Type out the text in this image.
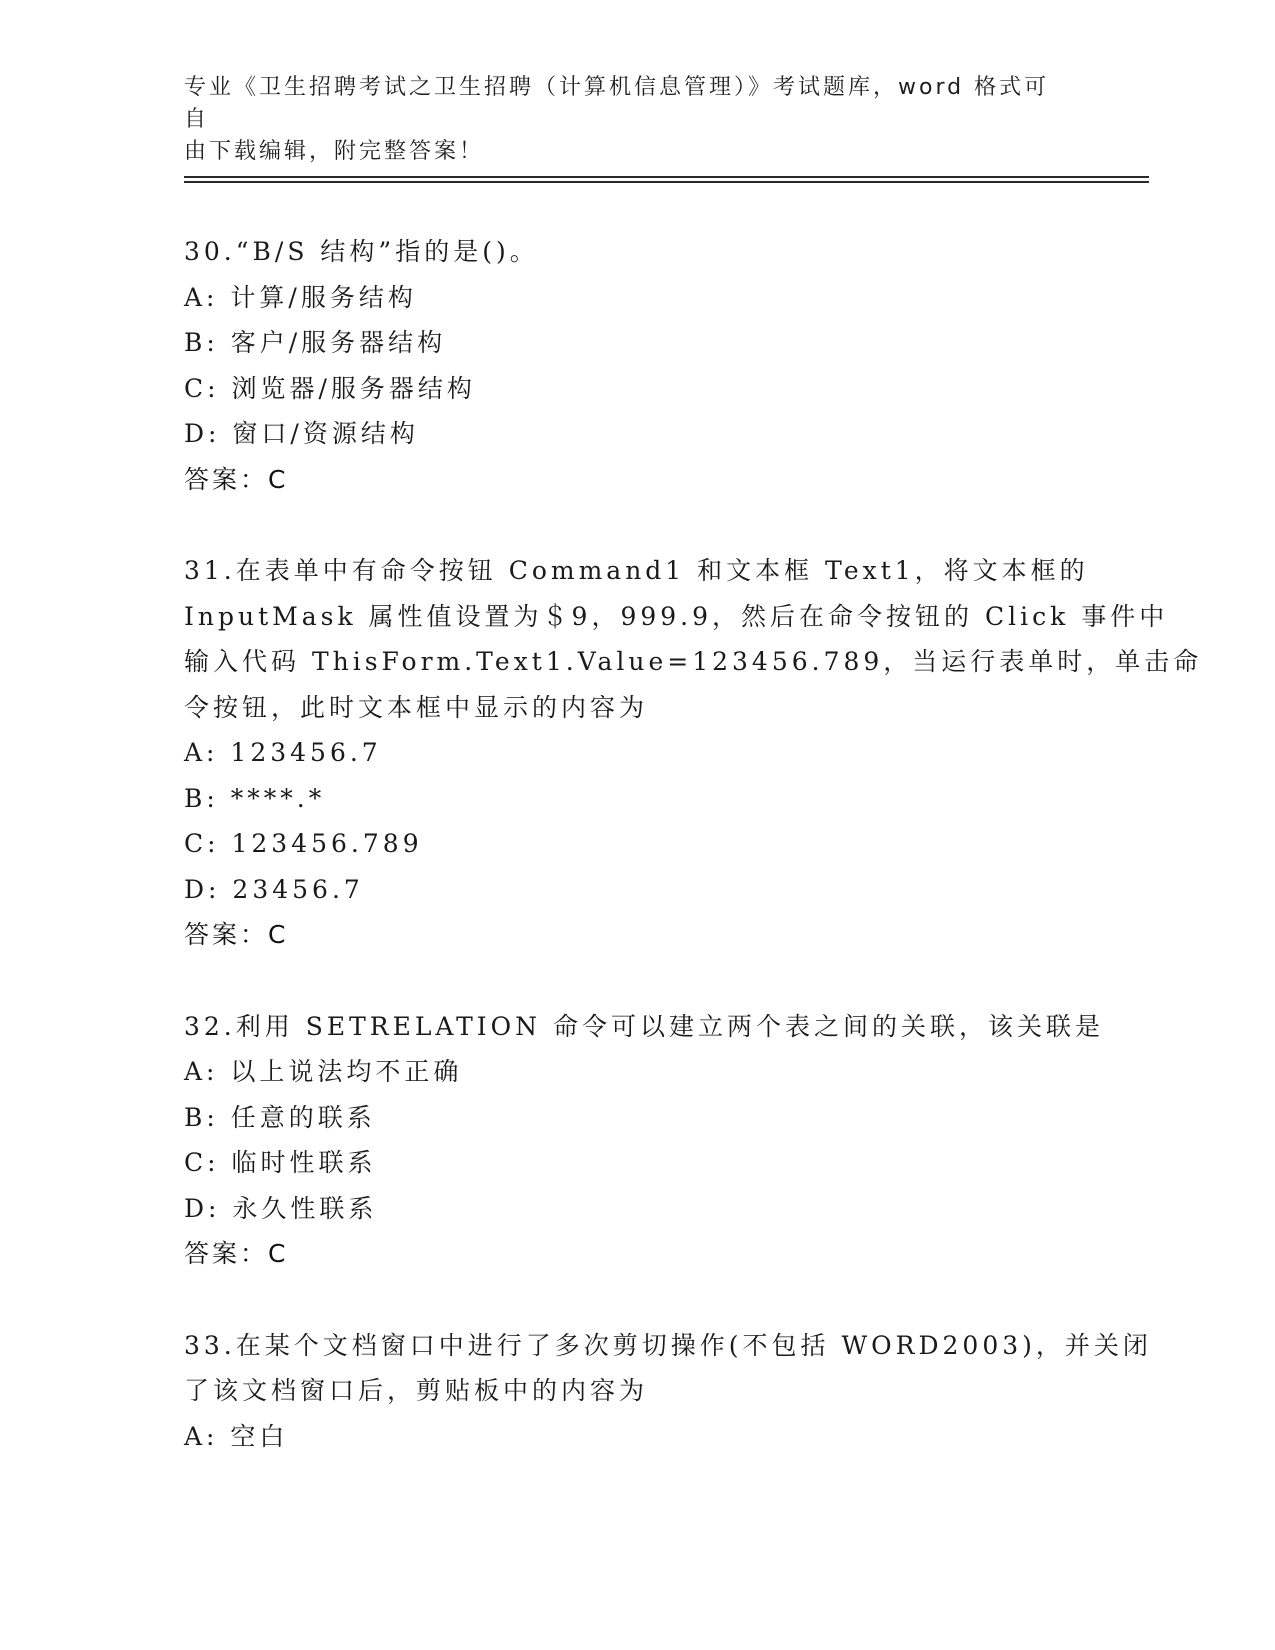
专业《卫生招聘考试之卫生招聘（计算机信息管理）》考试题库，word 格式可自
由下载编辑，附完整答案！
30.“B/S 结构”指的是()。
A: 计算/服务结构
B: 客户/服务器结构
C: 浏览器/服务器结构
D: 窗口/资源结构
答案：C
31.在表单中有命令按钮 Command1 和文本框 Text1，将文本框的
InputMask 属性值设置为＄9，999.9，然后在命令按钮的 Click 事件中
输入代码 ThisForm.Text1.Value=123456.789，当运行表单时，单击命
令按钮，此时文本框中显示的内容为
A: 123456.7
B: ****.*
C: 123456.789
D: 23456.7
答案：C
32.利用 SETRELATION 命令可以建立两个表之间的关联，该关联是
A: 以上说法均不正确
B: 任意的联系
C: 临时性联系
D: 永久性联系
答案：C
33.在某个文档窗口中进行了多次剪切操作(不包括 WORD2003)，并关闭
了该文档窗口后，剪贴板中的内容为
A: 空白
